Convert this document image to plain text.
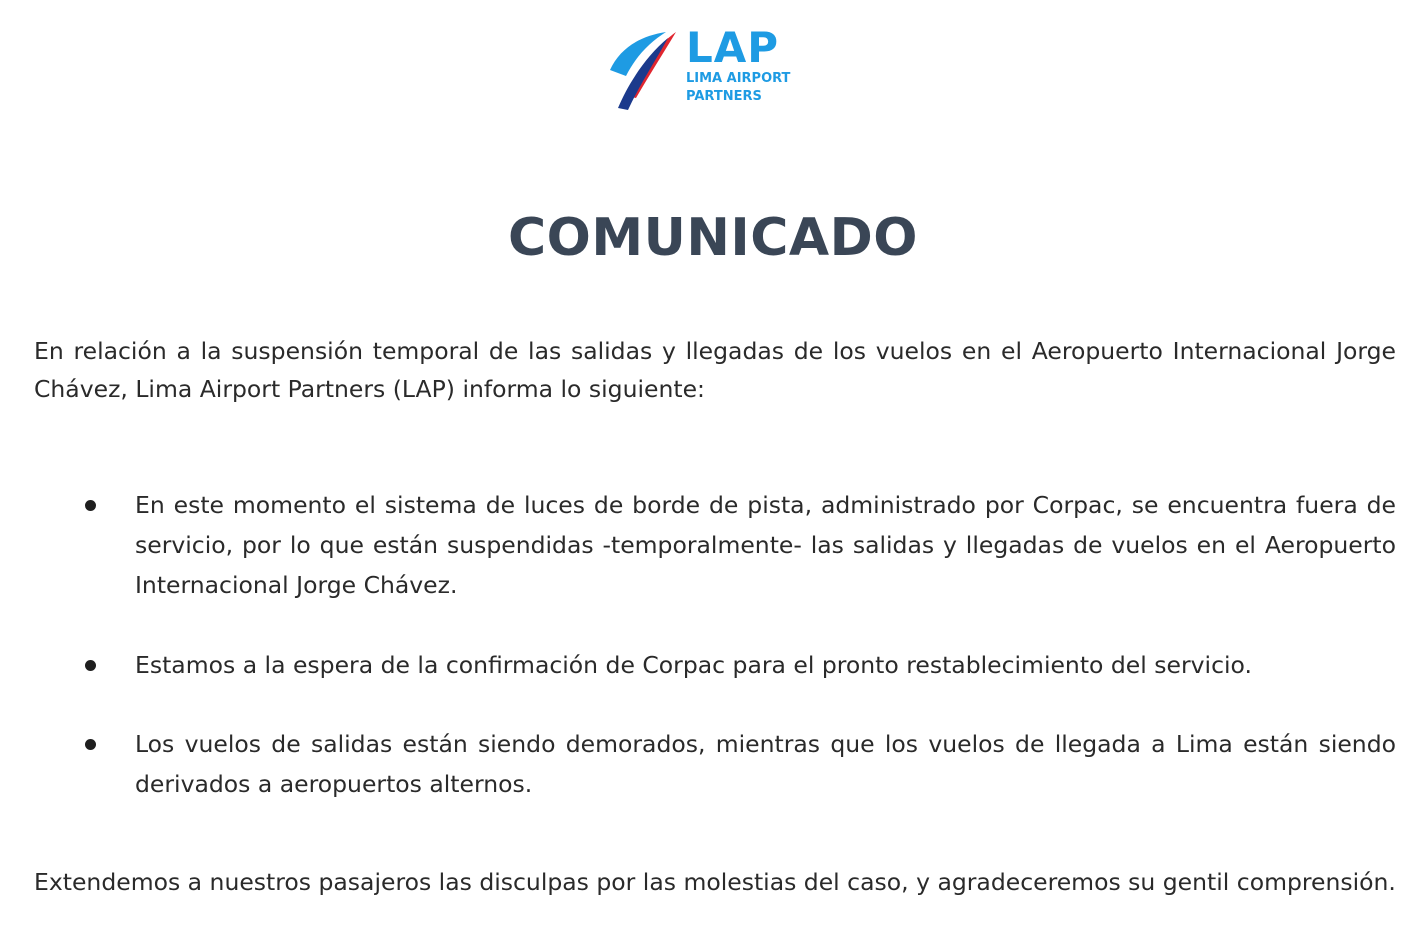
LAP
LIMA AIRPORT
PARTNERS
COMUNICADO

En relación a la suspensión temporal de las salidas y llegadas de los vuelos en el Aeropuerto Internacional Jorge Chávez, Lima Airport Partners (LAP) informa lo siguiente:

En este momento el sistema de luces de borde de pista, administrado por Corpac, se encuentra fuera de servicio, por lo que están suspendidas -temporalmente- las salidas y llegadas de vuelos en el Aeropuerto Internacional Jorge Chávez.
Estamos a la espera de la confirmación de Corpac para el pronto restablecimiento del servicio.
Los vuelos de salidas están siendo demorados, mientras que los vuelos de llegada a Lima están siendo derivados a aeropuertos alternos.

Extendemos a nuestros pasajeros las disculpas por las molestias del caso, y agradeceremos su gentil comprensión.
